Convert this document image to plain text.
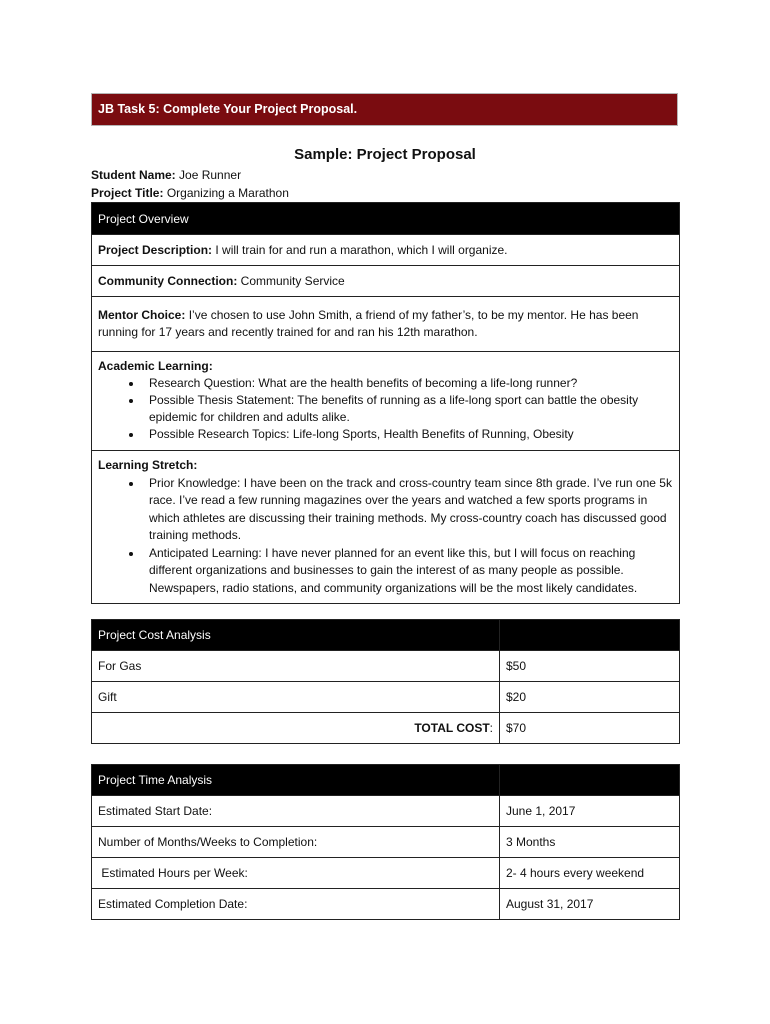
JB Task 5: Complete Your Project Proposal.
Sample: Project Proposal
Student Name: Joe Runner
Project Title: Organizing a Marathon
Project Overview
Project Description: I will train for and run a marathon, which I will organize.
Community Connection: Community Service
Mentor Choice: I’ve chosen to use John Smith, a friend of my father’s, to be my mentor. He has been running for 17 years and recently trained for and ran his 12th marathon.

Academic Learning:
• Research Question: What are the health benefits of becoming a life-long runner?
• Possible Thesis Statement: The benefits of running as a life-long sport can battle the obesity epidemic for children and adults alike.
• Possible Research Topics: Life-long Sports, Health Benefits of Running, Obesity

Learning Stretch:
• Prior Knowledge: I have been on the track and cross-country team since 8th grade. I’ve run one 5k race. I’ve read a few running magazines over the years and watched a few sports programs in which athletes are discussing their training methods. My cross-country coach has discussed good training methods.
• Anticipated Learning: I have never planned for an event like this, but I will focus on reaching different organizations and businesses to gain the interest of as many people as possible. Newspapers, radio stations, and community organizations will be the most likely candidates.
Project Cost Analysis	
For Gas	$50
Gift	$20
TOTAL COST:	$70
Project Time Analysis	
Estimated Start Date:	June 1, 2017
Number of Months/Weeks to Completion:	3 Months
Estimated Hours per Week:	2- 4 hours every weekend
Estimated Completion Date:	August 31, 2017
